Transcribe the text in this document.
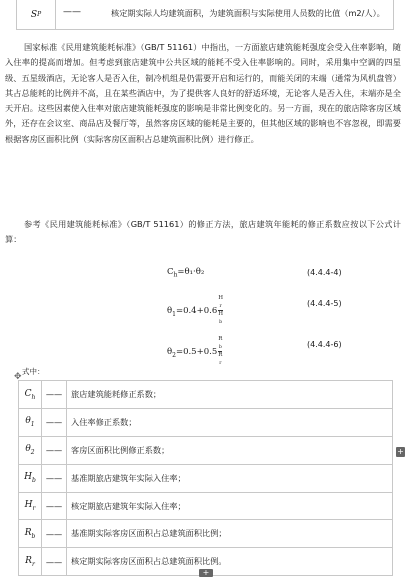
S P ——	核定期实际人均建筑面积，为建筑面积与实际使用人员数的比值（m2/人）。
国家标准《民用建筑能耗标准》（GB/T 51161）中指出，一方面旅店建筑能耗强度会受入住率影响，随入住率的提高而增加。但考虑到旅店建筑中公共区域的能耗不受入住率影响的。同时，采用集中空调的四星级、五星级酒店，无论客人是否入住，制冷机组是仍需要开启和运行的，而能关闭的末端（通常为风机盘管）其占总能耗的比例并不高，且在某些酒店中，为了提供客人良好的舒适环境，无论客人是否入住，末端亦是全天开启。这些因素使入住率对旅店建筑能耗强度的影响是非常比例变化的。另一方面，现在的旅店除客房区域外，还存在会议室、商品店及餐厅等，虽然客房区域的能耗是主要的，但其他区域的影响也不容忽视，即需要根据客房区面积比例（实际客房区面积占总建筑面积比例）进行修正。
参考《民用建筑能耗标准》（GB/T 51161）的修正方法，旅店建筑年能耗的修正系数应按以下公式计算：
$C_h=\theta_1\cdot\theta_2$	(4.4.4-4)
$\theta_1=0.4+0.6$ H
$_r$
H
$_b$	(4.4.4-5)
$\theta_2=0.5+0.5$ R
$_b$
R
$_r$	(4.4.4-6)
式中：
✥
$C_h$	——	旅店建筑能耗修正系数；
$\theta_1$	——	入住率修正系数；
$\theta_2$	——	客房区面积比例修正系数；
$H_b$	——	基准期旅店建筑年实际入住率；
$H_r$	——	核定期旅店建筑年实际入住率；
$R_b$	——	基准期实际客房区面积占总建筑面积比例；
$R_r$	——	核定期实际客房区面积占总建筑面积比例。
+
+
